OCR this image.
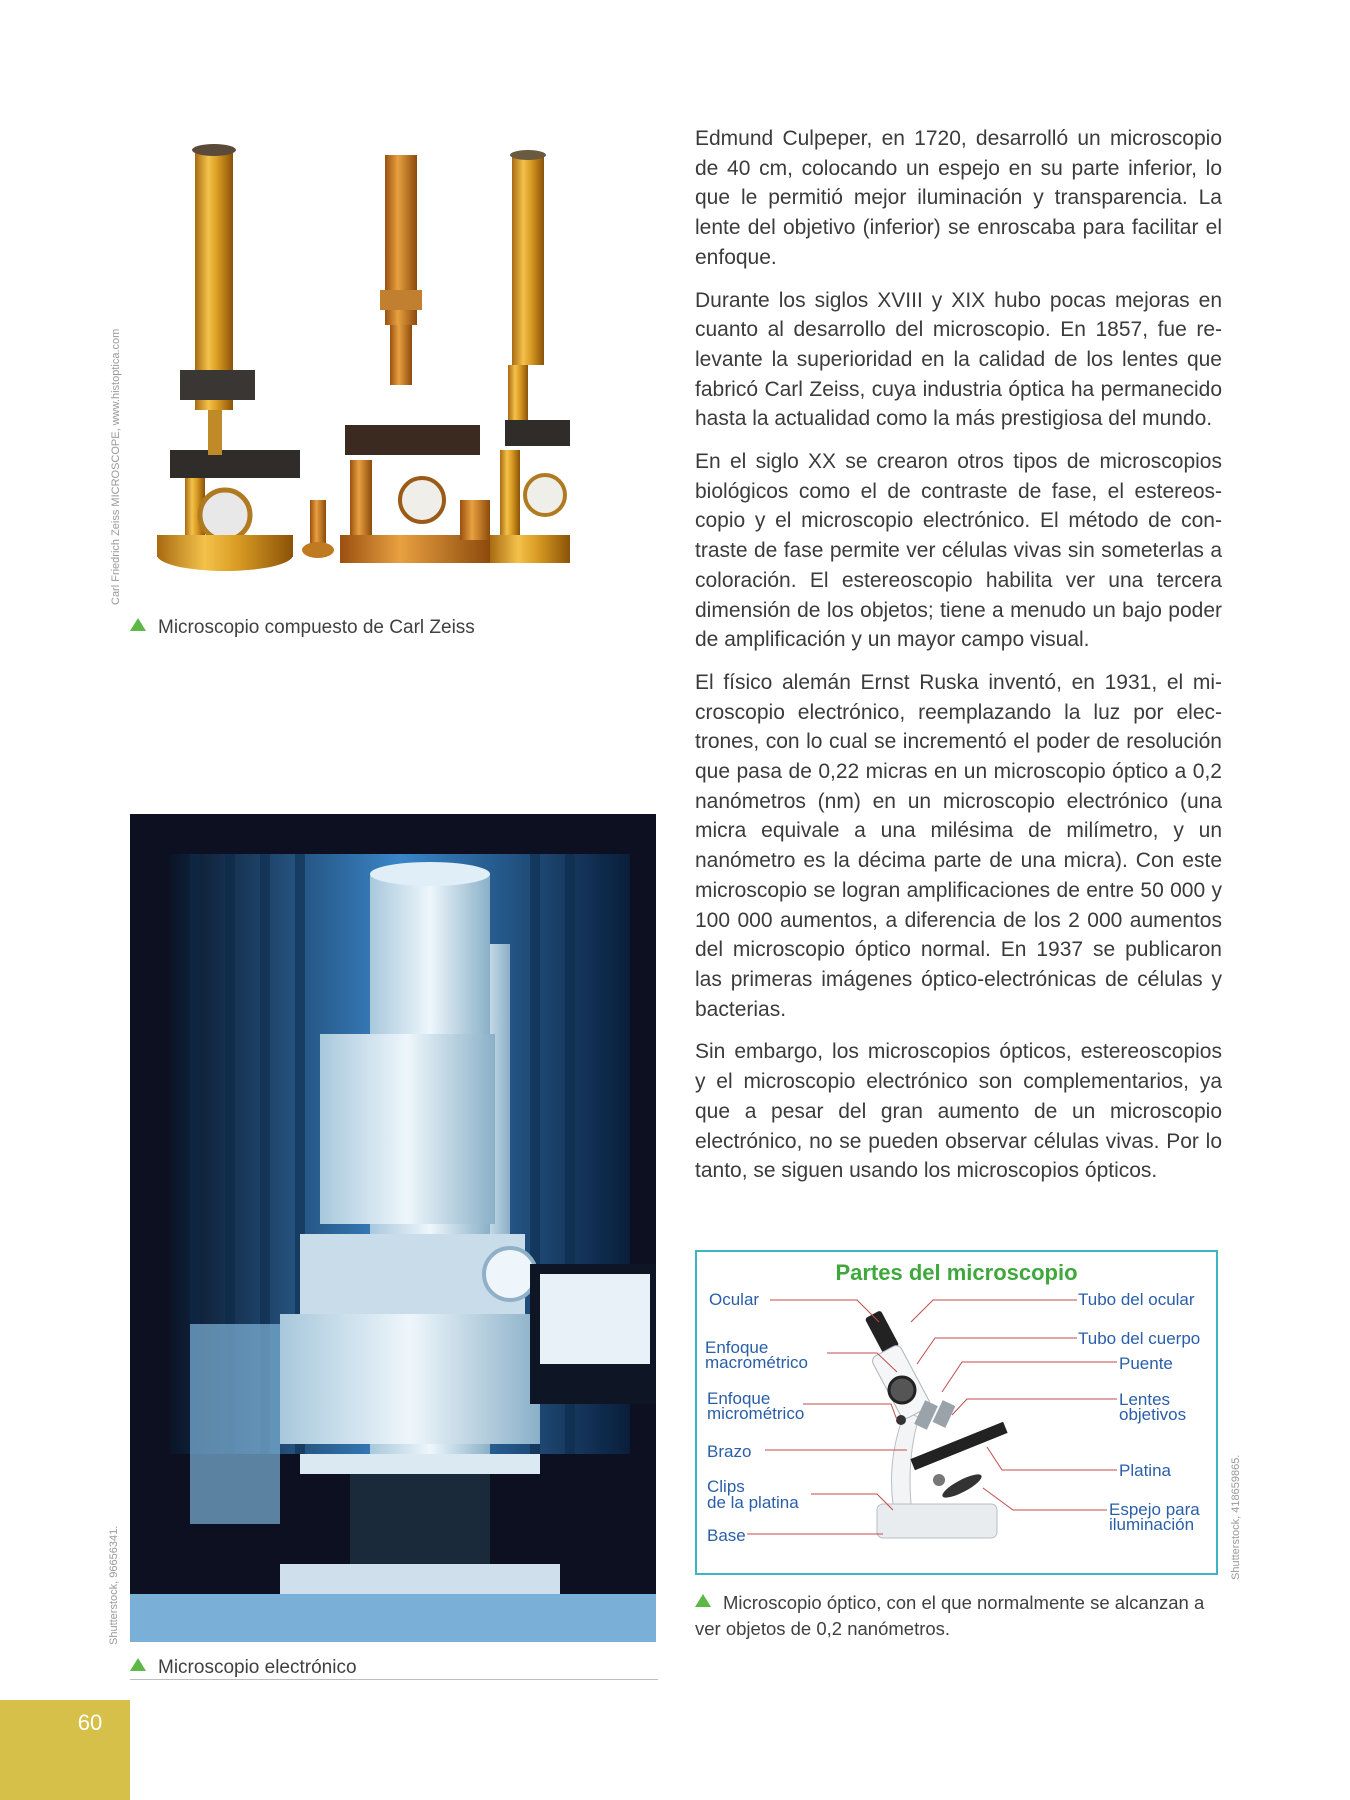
Carl Friedrich Zeiss MICROSCOPE, www.histoptica.com
Microscopio compuesto de Carl Zeiss
Shutterstock, 96656341.
Microscopio electrónico

Edmund Culpeper, en 1720, desarrolló un microscopio de 40 cm, colocando un espejo en su parte inferior, lo que le permitió mejor iluminación y transparencia. La lente del objetivo (inferior) se enroscaba para facilitar el enfoque.

Durante los siglos XVIII y XIX hubo pocas mejoras en cuanto al desarrollo del microscopio. En 1857, fue relevante la superioridad en la calidad de los lentes que fabricó Carl Zeiss, cuya industria óptica ha permanecido hasta la actualidad como la más prestigiosa del mundo.

En el siglo XX se crearon otros tipos de microscopios biológicos como el de contraste de fase, el estereoscopio y el microscopio electrónico. El método de contraste de fase permite ver células vivas sin someterlas a coloración. El estereoscopio habilita ver una tercera dimensión de los objetos; tiene a menudo un bajo poder de amplificación y un mayor campo visual.

El físico alemán Ernst Ruska inventó, en 1931, el microscopio electrónico, reemplazando la luz por electrones, con lo cual se incrementó el poder de resolución que pasa de 0,22 micras en un microscopio óptico a 0,2 nanómetros (nm) en un microscopio electrónico (una micra equivale a una milésima de milímetro, y un nanómetro es la décima parte de una micra). Con este microscopio se logran amplificaciones de entre 50 000 y 100 000 aumentos, a diferencia de los 2 000 aumentos del microscopio óptico normal. En 1937 se publicaron las primeras imágenes óptico-electrónicas de células y bacterias.

Sin embargo, los microscopios ópticos, estereoscopios y el microscopio electrónico son complementarios, ya que a pesar del gran aumento de un microscopio electrónico, no se pueden observar células vivas. Por lo tanto, se siguen usando los microscopios ópticos.

Partes del microscopio
Ocular
Enfoque
macrométrico
Enfoque
micrométrico
Brazo
Clips
de la platina
Base
Tubo del ocular
Tubo del cuerpo
Puente
Lentes
objetivos
Platina
Espejo para
iluminación	Shutterstock, 418659865.
Microscopio óptico, con el que normalmente se alcanzan a ver objetos de 0,2 nanómetros.
60
